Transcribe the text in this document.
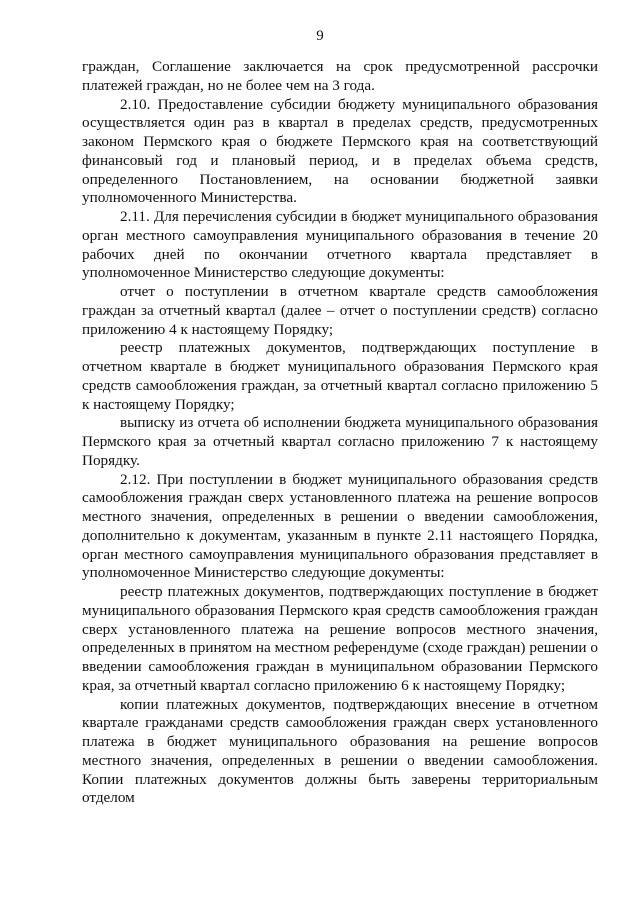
9

граждан, Соглашение заключается на срок предусмотренной рассрочки платежей граждан, но не более чем на 3 года.

2.10. Предоставление субсидии бюджету муниципального образования осуществляется один раз в квартал в пределах средств, предусмотренных законом Пермского края о бюджете Пермского края на соответствующий финансовый год и плановый период, и в пределах объема средств, определенного Постановлением, на основании бюджетной заявки уполномоченного Министерства.

2.11. Для перечисления субсидии в бюджет муниципального образования орган местного самоуправления муниципального образования в течение 20 рабочих дней по окончании отчетного квартала представляет в уполномоченное Министерство следующие документы:

отчет о поступлении в отчетном квартале средств самообложения граждан за отчетный квартал (далее – отчет о поступлении средств) согласно приложению 4 к настоящему Порядку;

реестр платежных документов, подтверждающих поступление в отчетном квартале в бюджет муниципального образования Пермского края средств самообложения граждан, за отчетный квартал согласно приложению 5 к настоящему Порядку;

выписку из отчета об исполнении бюджета муниципального образования Пермского края за отчетный квартал согласно приложению 7 к настоящему Порядку.

2.12. При поступлении в бюджет муниципального образования средств самообложения граждан сверх установленного платежа на решение вопросов местного значения, определенных в решении о введении самообложения, дополнительно к документам, указанным в пункте 2.11 настоящего Порядка, орган местного самоуправления муниципального образования представляет в уполномоченное Министерство следующие документы:

реестр платежных документов, подтверждающих поступление в бюджет муниципального образования Пермского края средств самообложения граждан сверх установленного платежа на решение вопросов местного значения, определенных в принятом на местном референдуме (сходе граждан) решении о введении самообложения граждан в муниципальном образовании Пермского края, за отчетный квартал согласно приложению 6 к настоящему Порядку;

копии платежных документов, подтверждающих внесение в отчетном квартале гражданами средств самообложения граждан сверх установленного платежа в бюджет муниципального образования на решение вопросов местного значения, определенных в решении о введении самообложения. Копии платежных документов должны быть заверены территориальным отделом
